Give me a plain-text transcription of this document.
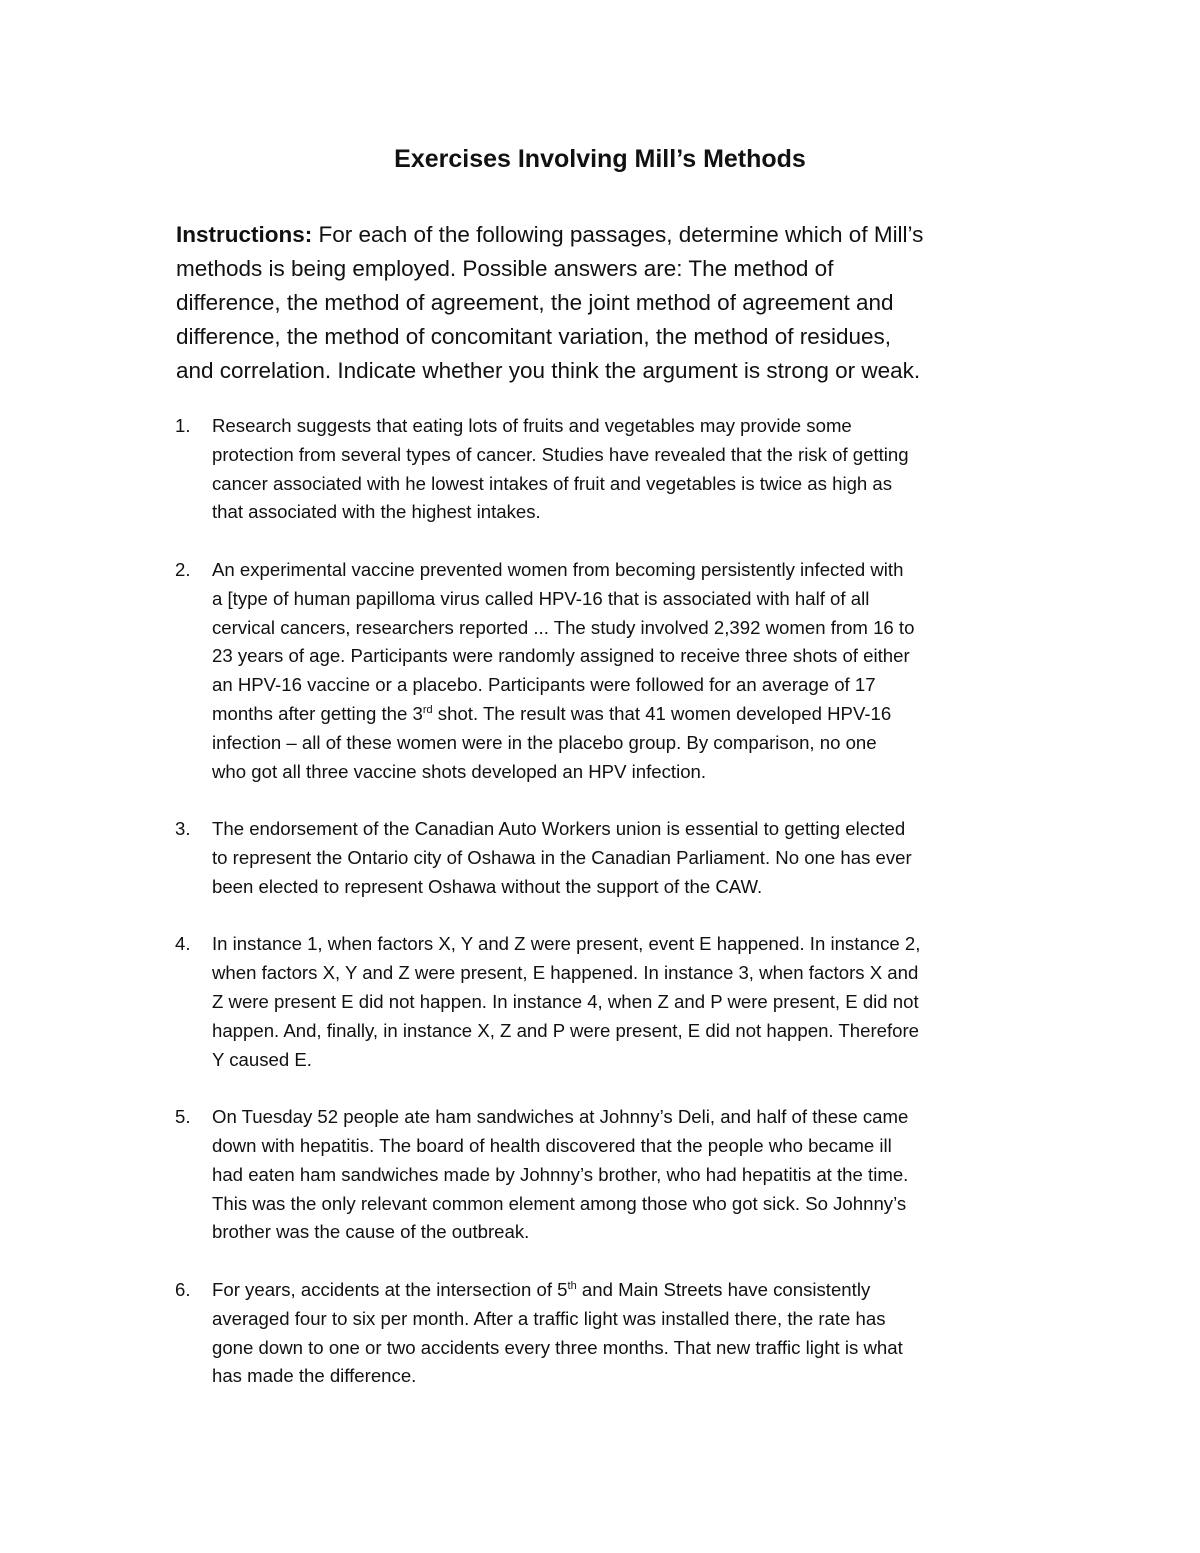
Exercises Involving Mill’s Methods
Instructions: For each of the following passages, determine which of Mill’s
methods is being employed. Possible answers are: The method of
difference, the method of agreement, the joint method of agreement and
difference, the method of concomitant variation, the method of residues,
and correlation. Indicate whether you think the argument is strong or weak.
1. Research suggests that eating lots of fruits and vegetables may provide some
protection from several types of cancer. Studies have revealed that the risk of getting
cancer associated with he lowest intakes of fruit and vegetables is twice as high as
that associated with the highest intakes.
2. An experimental vaccine prevented women from becoming persistently infected with
a [type of human papilloma virus called HPV-16 that is associated with half of all
cervical cancers, researchers reported ... The study involved 2,392 women from 16 to
23 years of age. Participants were randomly assigned to receive three shots of either
an HPV-16 vaccine or a placebo. Participants were followed for an average of 17
months after getting the 3rd shot. The result was that 41 women developed HPV-16
infection – all of these women were in the placebo group. By comparison, no one
who got all three vaccine shots developed an HPV infection.
3. The endorsement of the Canadian Auto Workers union is essential to getting elected
to represent the Ontario city of Oshawa in the Canadian Parliament. No one has ever
been elected to represent Oshawa without the support of the CAW.
4. In instance 1, when factors X, Y and Z were present, event E happened. In instance 2,
when factors X, Y and Z were present, E happened. In instance 3, when factors X and
Z were present E did not happen. In instance 4, when Z and P were present, E did not
happen. And, finally, in instance X, Z and P were present, E did not happen. Therefore
Y caused E.
5. On Tuesday 52 people ate ham sandwiches at Johnny’s Deli, and half of these came
down with hepatitis. The board of health discovered that the people who became ill
had eaten ham sandwiches made by Johnny’s brother, who had hepatitis at the time.
This was the only relevant common element among those who got sick. So Johnny’s
brother was the cause of the outbreak.
6. For years, accidents at the intersection of 5th and Main Streets have consistently
averaged four to six per month. After a traffic light was installed there, the rate has
gone down to one or two accidents every three months. That new traffic light is what
has made the difference.
